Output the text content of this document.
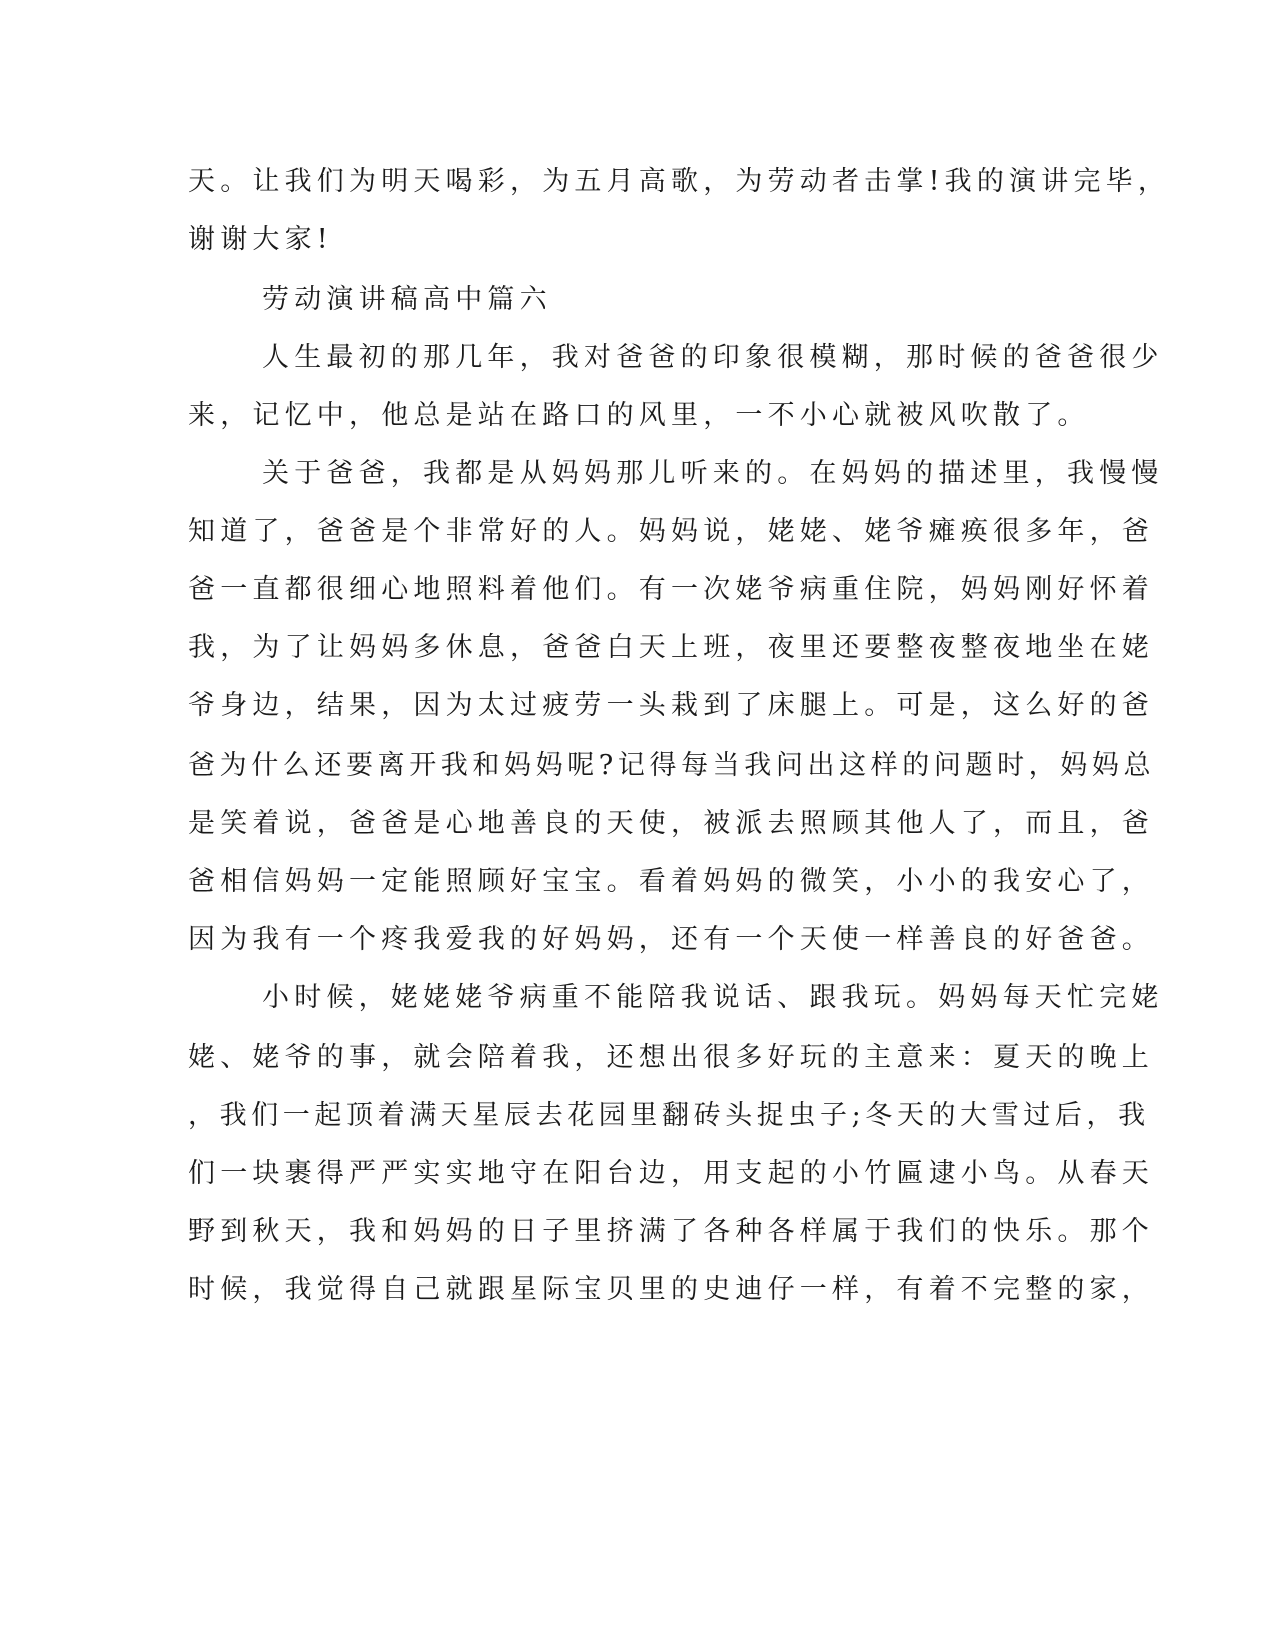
天。让我们为明天喝彩，为五月高歌，为劳动者击掌!我的演讲完毕，
谢谢大家!
劳动演讲稿高中篇六
人生最初的那几年，我对爸爸的印象很模糊，那时候的爸爸很少
来，记忆中，他总是站在路口的风里，一不小心就被风吹散了。
关于爸爸，我都是从妈妈那儿听来的。在妈妈的描述里，我慢慢
知道了，爸爸是个非常好的人。妈妈说，姥姥、姥爷瘫痪很多年，爸
爸一直都很细心地照料着他们。有一次姥爷病重住院，妈妈刚好怀着
我，为了让妈妈多休息，爸爸白天上班，夜里还要整夜整夜地坐在姥
爷身边，结果，因为太过疲劳一头栽到了床腿上。可是，这么好的爸
爸为什么还要离开我和妈妈呢?记得每当我问出这样的问题时，妈妈总
是笑着说，爸爸是心地善良的天使，被派去照顾其他人了，而且，爸
爸相信妈妈一定能照顾好宝宝。看着妈妈的微笑，小小的我安心了，
因为我有一个疼我爱我的好妈妈，还有一个天使一样善良的好爸爸。
小时候，姥姥姥爷病重不能陪我说话、跟我玩。妈妈每天忙完姥
姥、姥爷的事，就会陪着我，还想出很多好玩的主意来：夏天的晚上
，我们一起顶着满天星辰去花园里翻砖头捉虫子;冬天的大雪过后，我
们一块裹得严严实实地守在阳台边，用支起的小竹匾逮小鸟。从春天
野到秋天，我和妈妈的日子里挤满了各种各样属于我们的快乐。那个
时候，我觉得自己就跟星际宝贝里的史迪仔一样，有着不完整的家，
